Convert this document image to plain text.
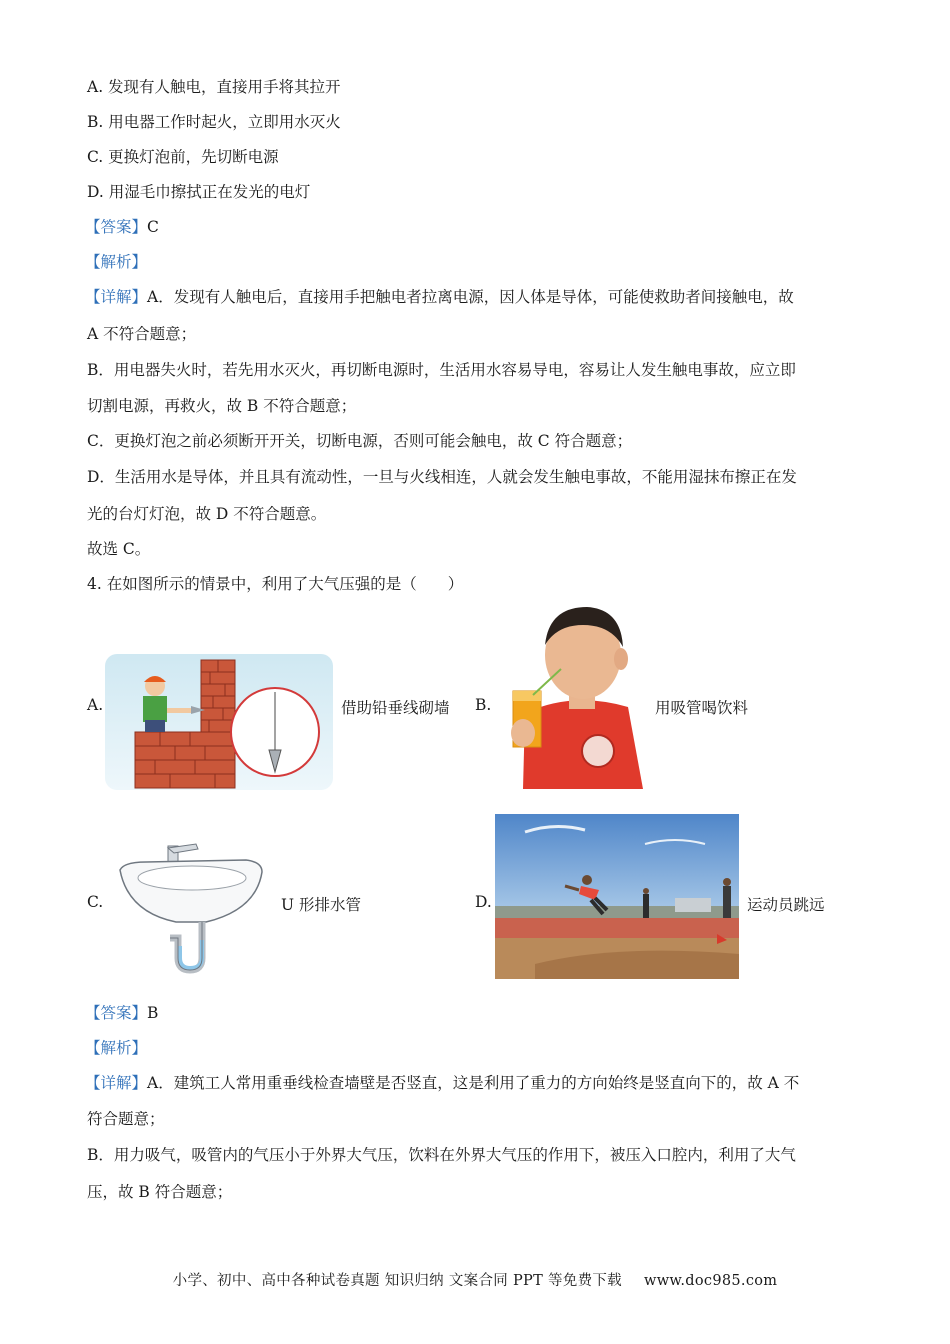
A. 发现有人触电，直接用手将其拉开
B. 用电器工作时起火，立即用水灭火
C. 更换灯泡前，先切断电源
D. 用湿毛巾擦拭正在发光的电灯
【答案】C
【解析】
【详解】A．发现有人触电后，直接用手把触电者拉离电源，因人体是导体，可能使救助者间接触电，故
A 不符合题意；
B．用电器失火时，若先用水灭火，再切断电源时，生活用水容易导电，容易让人发生触电事故，应立即
切割电源，再救火，故 B 不符合题意；
C．更换灯泡之前必须断开开关，切断电源，否则可能会触电，故 C 符合题意；
D．生活用水是导体，并且具有流动性，一旦与火线相连，人就会发生触电事故，不能用湿抹布擦正在发
光的台灯灯泡，故 D 不符合题意。
故选 C。
4. 在如图所示的情景中，利用了大气压强的是（　　）
A.	借助铅垂线砌墙 B.	用吸管喝饮料
C.	U 形排水管	D.	运动员跳远
【答案】B
【解析】
【详解】A．建筑工人常用重垂线检查墙壁是否竖直，这是利用了重力的方向始终是竖直向下的，故 A 不
符合题意；
B．用力吸气，吸管内的气压小于外界大气压，饮料在外界大气压的作用下，被压入口腔内，利用了大气
压，故 B 符合题意；
小学、初中、高中各种试卷真题 知识归纳 文案合同 PPT 等免费下载 www.doc985.com
